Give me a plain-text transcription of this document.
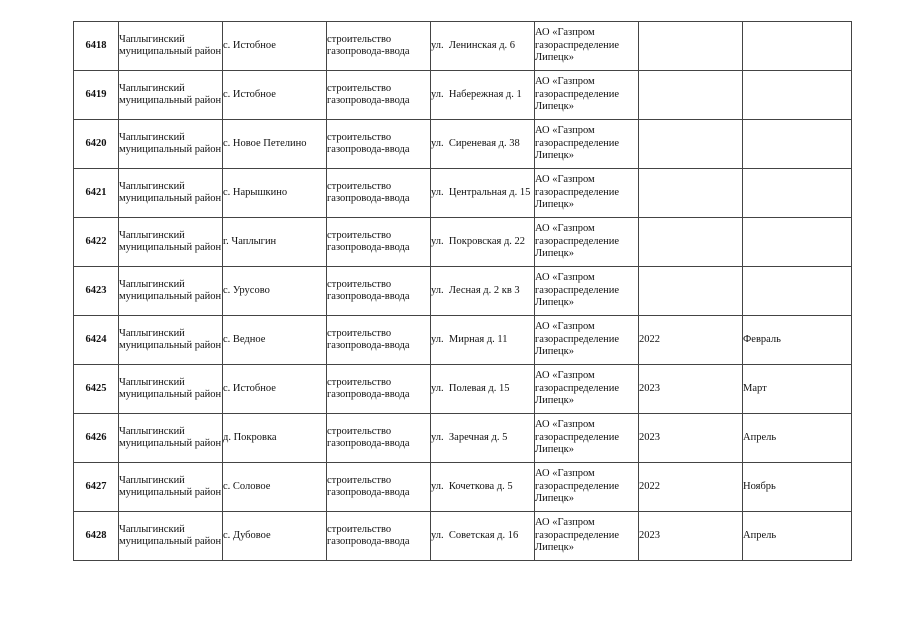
6418	Чаплыгинский муниципальный район	с. Истобное	строительство газопровода-ввода	ул.  Ленинская д. 6	АО «Газпром газораспределение Липецк»		

6419	Чаплыгинский муниципальный район	с. Истобное	строительство газопровода-ввода	ул.  Набережная д. 1	АО «Газпром газораспределение Липецк»		

6420	Чаплыгинский муниципальный район	с. Новое Петелино	строительство газопровода-ввода	ул.  Сиреневая д. 38	АО «Газпром газораспределение Липецк»		

6421	Чаплыгинский муниципальный район	с. Нарышкино	строительство газопровода-ввода	ул.  Центральная д. 15	АО «Газпром газораспределение Липецк»		

6422	Чаплыгинский муниципальный район	г. Чаплыгин	строительство газопровода-ввода	ул.  Покровская д. 22	АО «Газпром газораспределение Липецк»		

6423	Чаплыгинский муниципальный район	с. Урусово	строительство газопровода-ввода	ул.  Лесная д. 2 кв 3	АО «Газпром газораспределение Липецк»		

6424	Чаплыгинский муниципальный район	с. Ведное	строительство газопровода-ввода	ул.  Мирная д. 11	АО «Газпром газораспределение Липецк»	2022	Февраль

6425	Чаплыгинский муниципальный район	с. Истобное	строительство газопровода-ввода	ул.  Полевая д. 15	АО «Газпром газораспределение Липецк»	2023	Март

6426	Чаплыгинский муниципальный район	д. Покровка	строительство газопровода-ввода	ул.  Заречная д. 5	АО «Газпром газораспределение Липецк»	2023	Апрель

6427	Чаплыгинский муниципальный район	с. Соловое	строительство газопровода-ввода	ул.  Кочеткова д. 5	АО «Газпром газораспределение Липецк»	2022	Ноябрь

6428	Чаплыгинский муниципальный район	с. Дубовое	строительство газопровода-ввода	ул.  Советская д. 16	АО «Газпром газораспределение Липецк»	2023	Апрель
